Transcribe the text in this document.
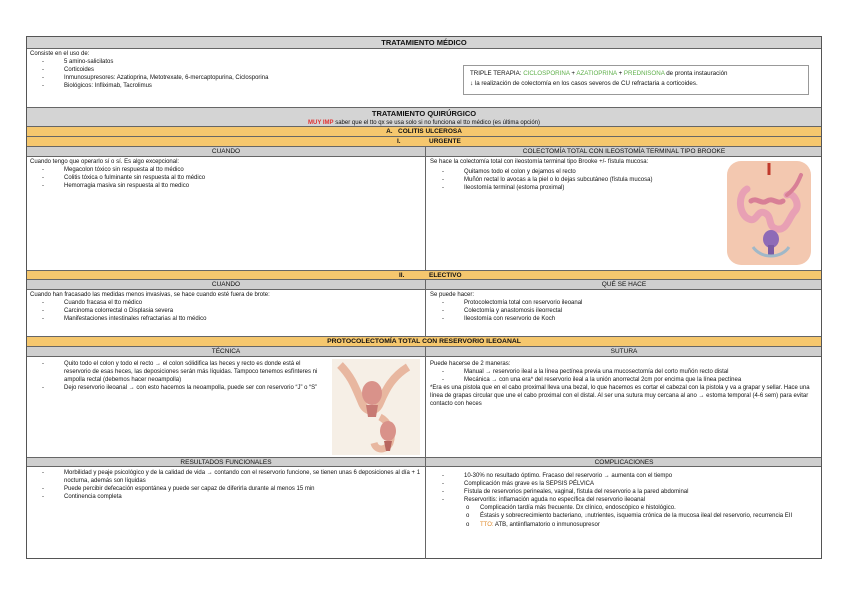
TRATAMIENTO MÉDICO
Consiste en el uso de:
- 5 amino-salicilatos
- Corticoides
- Inmunosupresores: Azatioprina, Metotrexate, 6-mercaptopurina, Ciclosporina
- Biológicos: Infliximab, Tacrolimus
TRIPLE TERAPIA: CICLOSPORINA + AZATIOPRINA + PREDNISONA de pronta instauración
↓ la realización de colectomía en los casos severos de CU refractaria a corticoides.
TRATAMIENTO QUIRÚRGICO
MUY IMP saber que el tto qx se usa solo si no funciona el tto médico (es última opción)
A. COLITIS ULCEROSA
I.	URGENTE
CUANDO	COLECTOMÍA TOTAL CON ILEOSTOMÍA TERMINAL TIPO BROOKE
Cuando tengo que operarlo sí o sí. Es algo excepcional:
- Megacolon tóxico sin respuesta al tto médico
- Colitis tóxica o fulminante sin respuesta al tto médico
- Hemorragia masiva sin respuesta al tto medico
Se hace la colectomía total con ileostomía terminal tipo Brooke +/- fístula mucosa:
- Quitamos todo el colon y dejamos el recto
- Muñón rectal lo avocas a la piel o lo dejas subcutáneo (fístula mucosa)
- Ileostomía terminal (estoma proximal)
II.	ELECTIVO
CUANDO	QUÉ SE HACE
Cuando han fracasado las medidas menos invasivas, se hace cuando esté fuera de brote:
- Cuando fracasa el tto médico
- Carcinoma colorrectal o Displasia severa
- Manifestaciones intestinales refractarias al tto médico
Se puede hacer:
- Protocolectomía total con reservorio ileoanal
- Colectomía y anastomosis ileorrectal
- Ileostomía con reservorio de Koch
PROTOCOLECTOMÍA TOTAL CON RESERVORIO ILEOANAL
TÉCNICA	SUTURA
- Quito todo el colon y todo el recto → el colon sólidifica las heces y recto es donde está el reservorio de esas heces, las deposiciones serán más líquidas. Tampoco tenemos esfínteres ni ampolla rectal (debemos hacer neoampolla)
- Dejo reservorio ileoanal → con esto hacemos la neoampolla, puede ser con reservorio “J” o “S”
Puede hacerse de 2 maneras:
- Manual → reservorio ileal a la línea pectínea previa una mucosectomía del corto muñón recto distal
- Mecánica → con una era* del reservorio ileal a la unión anorrectal 2cm por encima que la línea pectínea
*Era es una pistola que en el cabo proximal lleva una bezal, lo que hacemos es cortar el cabezal con la pistola y va a grapar y sellar. Hace una línea de grapas circular que une el cabo proximal con el distal. Al ser una sutura muy cercana al ano → estoma temporal (4-6 sem) para evitar contacto con heces
RESULTADOS FUNCIONALES	COMPLICACIONES
- Morbilidad y peaje psicológico y de la calidad de vida → contando con el reservorio funcione, se tienen unas 6 deposiciones al día + 1 nocturna, además son líquidas
- Puede percibir defecación espontánea y puede ser capaz de diferirla durante al menos 15 min
- Continencia completa
- 10-30% no resultado óptimo. Fracaso del reservorio → aumenta con el tiempo
- Complicación más grave es la SEPSIS PÉLVICA
- Fístula de reservorios perineales, vaginal, fístula del reservorio a la pared abdominal
- Reservoritis: inflamación aguda no específica del reservorio ileoanal
o Complicación tardía más frecuente. Dx clínico, endoscópico e histológico.
o Éstasis y sobrecrecimiento bacteriano, ↓nutrientes, isquemia crónica de la mucosa ileal del reservorio, recurrencia EII
o TTO: ATB, antiinflamatorio o inmunosupresor
